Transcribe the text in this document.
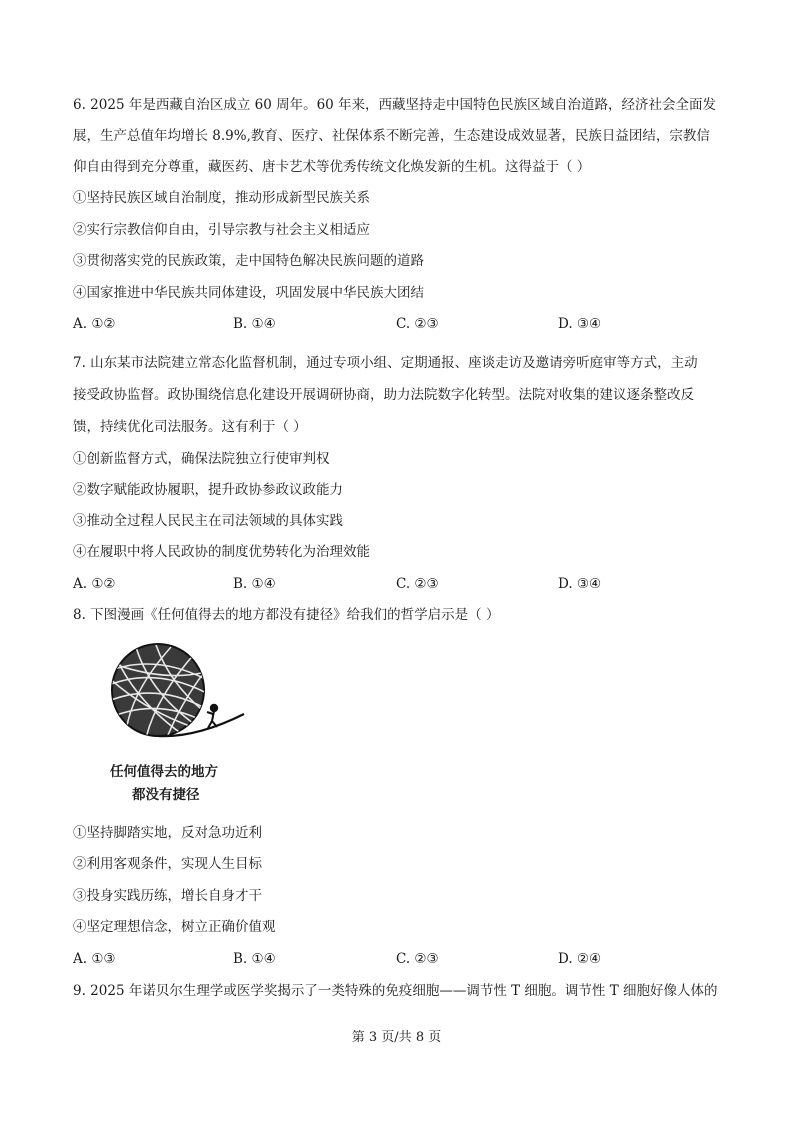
6. 2025 年是西藏自治区成立 60 周年。60 年来，西藏坚持走中国特色民族区域自治道路，经济社会全面发
展，生产总值年均增长 8.9%,教育、医疗、社保体系不断完善，生态建设成效显著，民族日益团结，宗教信
仰自由得到充分尊重，藏医药、唐卡艺术等优秀传统文化焕发新的生机。这得益于（ ）
①坚持民族区域自治制度，推动形成新型民族关系
②实行宗教信仰自由，引导宗教与社会主义相适应
③贯彻落实党的民族政策，走中国特色解决民族问题的道路
④国家推进中华民族共同体建设，巩固发展中华民族大团结
A. ①②	B. ①④	C. ②③	D. ③④
7. 山东某市法院建立常态化监督机制，通过专项小组、定期通报、座谈走访及邀请旁听庭审等方式，主动
接受政协监督。政协围绕信息化建设开展调研协商，助力法院数字化转型。法院对收集的建议逐条整改反
馈，持续优化司法服务。这有利于（ ）
①创新监督方式，确保法院独立行使审判权
②数字赋能政协履职，提升政协参政议政能力
③推动全过程人民民主在司法领域的具体实践
④在履职中将人民政协的制度优势转化为治理效能
A. ①②	B. ①④	C. ②③	D. ③④
8. 下图漫画《任何值得去的地方都没有捷径》给我们的哲学启示是（ ）
任何值得去的地方
都没有捷径
①坚持脚踏实地，反对急功近利
②利用客观条件，实现人生目标
③投身实践历练，增长自身才干
④坚定理想信念，树立正确价值观
A. ①③	B. ①④	C. ②③	D. ②④
9. 2025 年诺贝尔生理学或医学奖揭示了一类特殊的免疫细胞——调节性 T 细胞。调节性 T 细胞好像人体的
第 3 页/共 8 页
